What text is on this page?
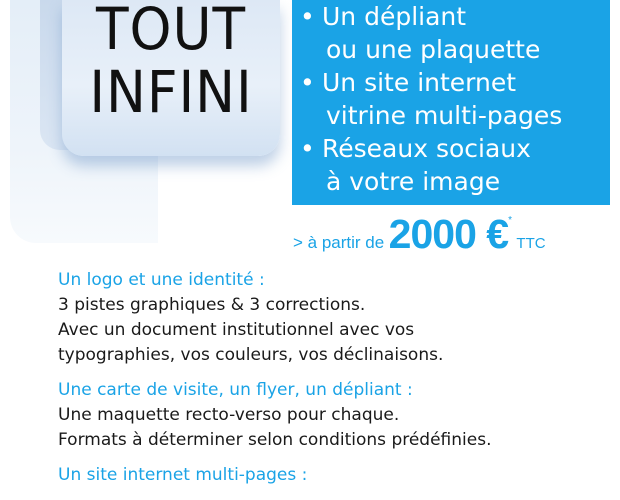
TOUT
INFINI
• Un dépliant
ou une plaquette
• Un site internet
vitrine multi-pages
• Réseaux sociaux
à votre image
> à partir de 2000 €* TTC
Un logo et une identité :
3 pistes graphiques & 3 corrections.
Avec un document institutionnel avec vos
typographies, vos couleurs, vos déclinaisons.
Une carte de visite, un flyer, un dépliant :
Une maquette recto-verso pour chaque.
Formats à déterminer selon conditions prédéfinies.
Un site internet multi-pages :
